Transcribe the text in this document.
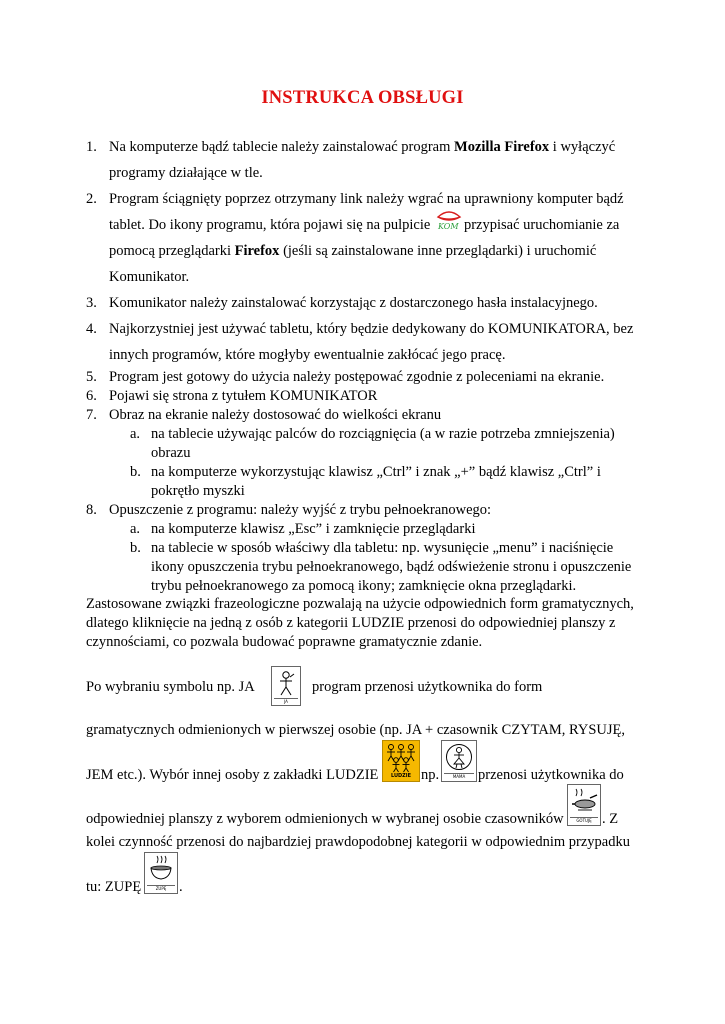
INSTRUKCA OBSŁUGI
1. Na komputerze bądź tablecie należy zainstalować program Mozilla Firefox i wyłączyć programy działające w tle.
2. Program ściągnięty poprzez otrzymany link należy wgrać na uprawniony komputer bądź tablet. Do ikony programu, która pojawi się na pulpicie KOM przypisać uruchomianie za pomocą przeglądarki Firefox (jeśli są zainstalowane inne przeglądarki) i uruchomić Komunikator.
3. Komunikator należy zainstalować korzystając z dostarczonego hasła instalacyjnego.
4. Najkorzystniej jest używać tabletu, który będzie dedykowany do KOMUNIKATORA, bez innych programów, które mogłyby ewentualnie zakłócać jego pracę.
5. Program jest gotowy do użycia należy postępować zgodnie z poleceniami na ekranie.
6. Pojawi się strona z tytułem KOMUNIKATOR
7. Obraz na ekranie należy dostosować do wielkości ekranu
a. na tablecie używając palców do rozciągnięcia (a w razie potrzeba zmniejszenia) obrazu
b. na komputerze wykorzystując klawisz „Ctrl” i znak „+” bądź klawisz „Ctrl” i pokrętło myszki
8. Opuszczenie z programu: należy wyjść z trybu pełnoekranowego:
a. na komputerze klawisz „Esc” i zamknięcie przeglądarki
b. na tablecie w sposób właściwy dla tabletu: np. wysunięcie „menu” i naciśnięcie ikony opuszczenia trybu pełnoekranowego, bądź odświeżenie stronu i opuszczenie trybu pełnoekranowego za pomocą ikony; zamknięcie okna przeglądarki.
Zastosowane związki frazeologiczne pozwalają na użycie odpowiednich form gramatycznych, dlatego kliknięcie na jedną z osób z kategorii LUDZIE przenosi do odpowiedniej planszy z czynnościami, co pozwala budować poprawne gramatycznie zdanie.
Po wybraniu symbolu np. JA
JA
program przenosi użytkownika do form
gramatycznych odmienionych w pierwszej osobie (np. JA + czasownik CZYTAM, RYSUJĘ,
JEM etc.). Wybór innej osoby z zakładki LUDZIE	LUDZIE np.	MAMA przenosi użytkownika do
odpowiedniej planszy z wyborem odmienionych w wybranej osobie czasowników	GOTUJĘ . Z
kolei czynność przenosi do najbardziej prawdopodobnej kategorii w odpowiednim przypadku
tu: ZUPĘ	ZUPĘ .
